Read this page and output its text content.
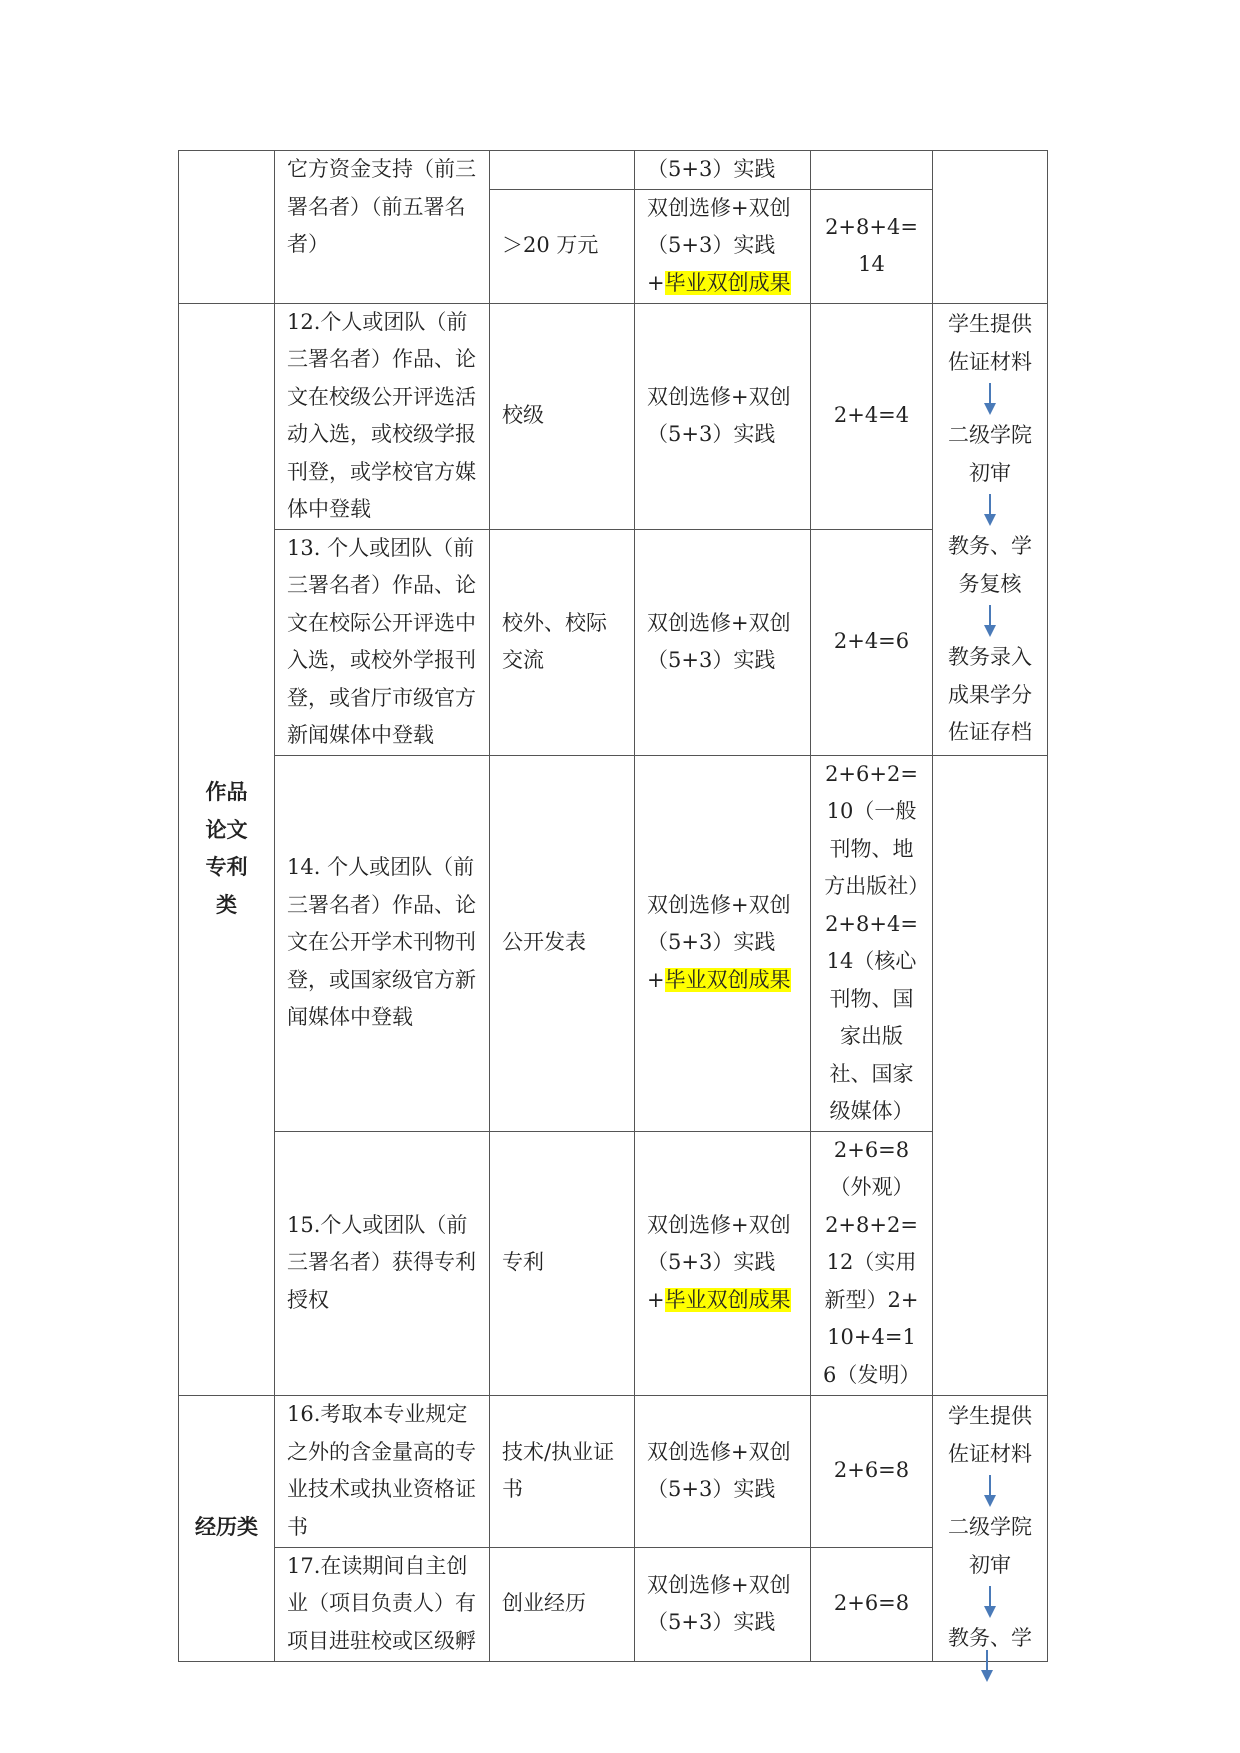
	它方资金支持（前三署名者）（前五署名者）		（5+3）实践		
		＞20 万元	双创选修+双创（5+3）实践+毕业双创成果	2+8+4=14	

作品
论文
专利
类	12.个人或团队（前三署名者）作品、论文在校级公开评选活动入选，或校级学报刊登，或学校官方媒体中登载	校级	双创选修+双创（5+3）实践	2+4=4	学生提供佐证材料
二级学院初审
教务、学务复核
教务录入成果学分佐证存档

	13. 个人或团队（前三署名者）作品、论文在校际公开评选中入选，或校外学报刊登，或省厅市级官方新闻媒体中登载	校外、校际交流	双创选修+双创（5+3）实践	2+4=6	
	14. 个人或团队（前三署名者）作品、论文在公开学术刊物刊登，或国家级官方新闻媒体中登载	公开发表	双创选修+双创（5+3）实践+毕业双创成果	2+6+2=10（一般刊物、地方出版社）2+8+4=14（核心刊物、国家出版社、国家级媒体）	
	15.个人或团队（前三署名者）获得专利授权	专利	双创选修+双创（5+3）实践+毕业双创成果	2+6=8（外观）2+8+2=12（实用新型）2+10+4=16（发明）	
经历类	16.考取本专业规定之外的含金量高的专业技术或执业资格证书	技术/执业证书	双创选修+双创（5+3）实践	2+6=8	学生提供佐证材料
二级学院初审
教务、学

	17.在读期间自主创业（项目负责人）有项目进驻校或区级孵	创业经历	双创选修+双创（5+3）实践	2+6=8	
